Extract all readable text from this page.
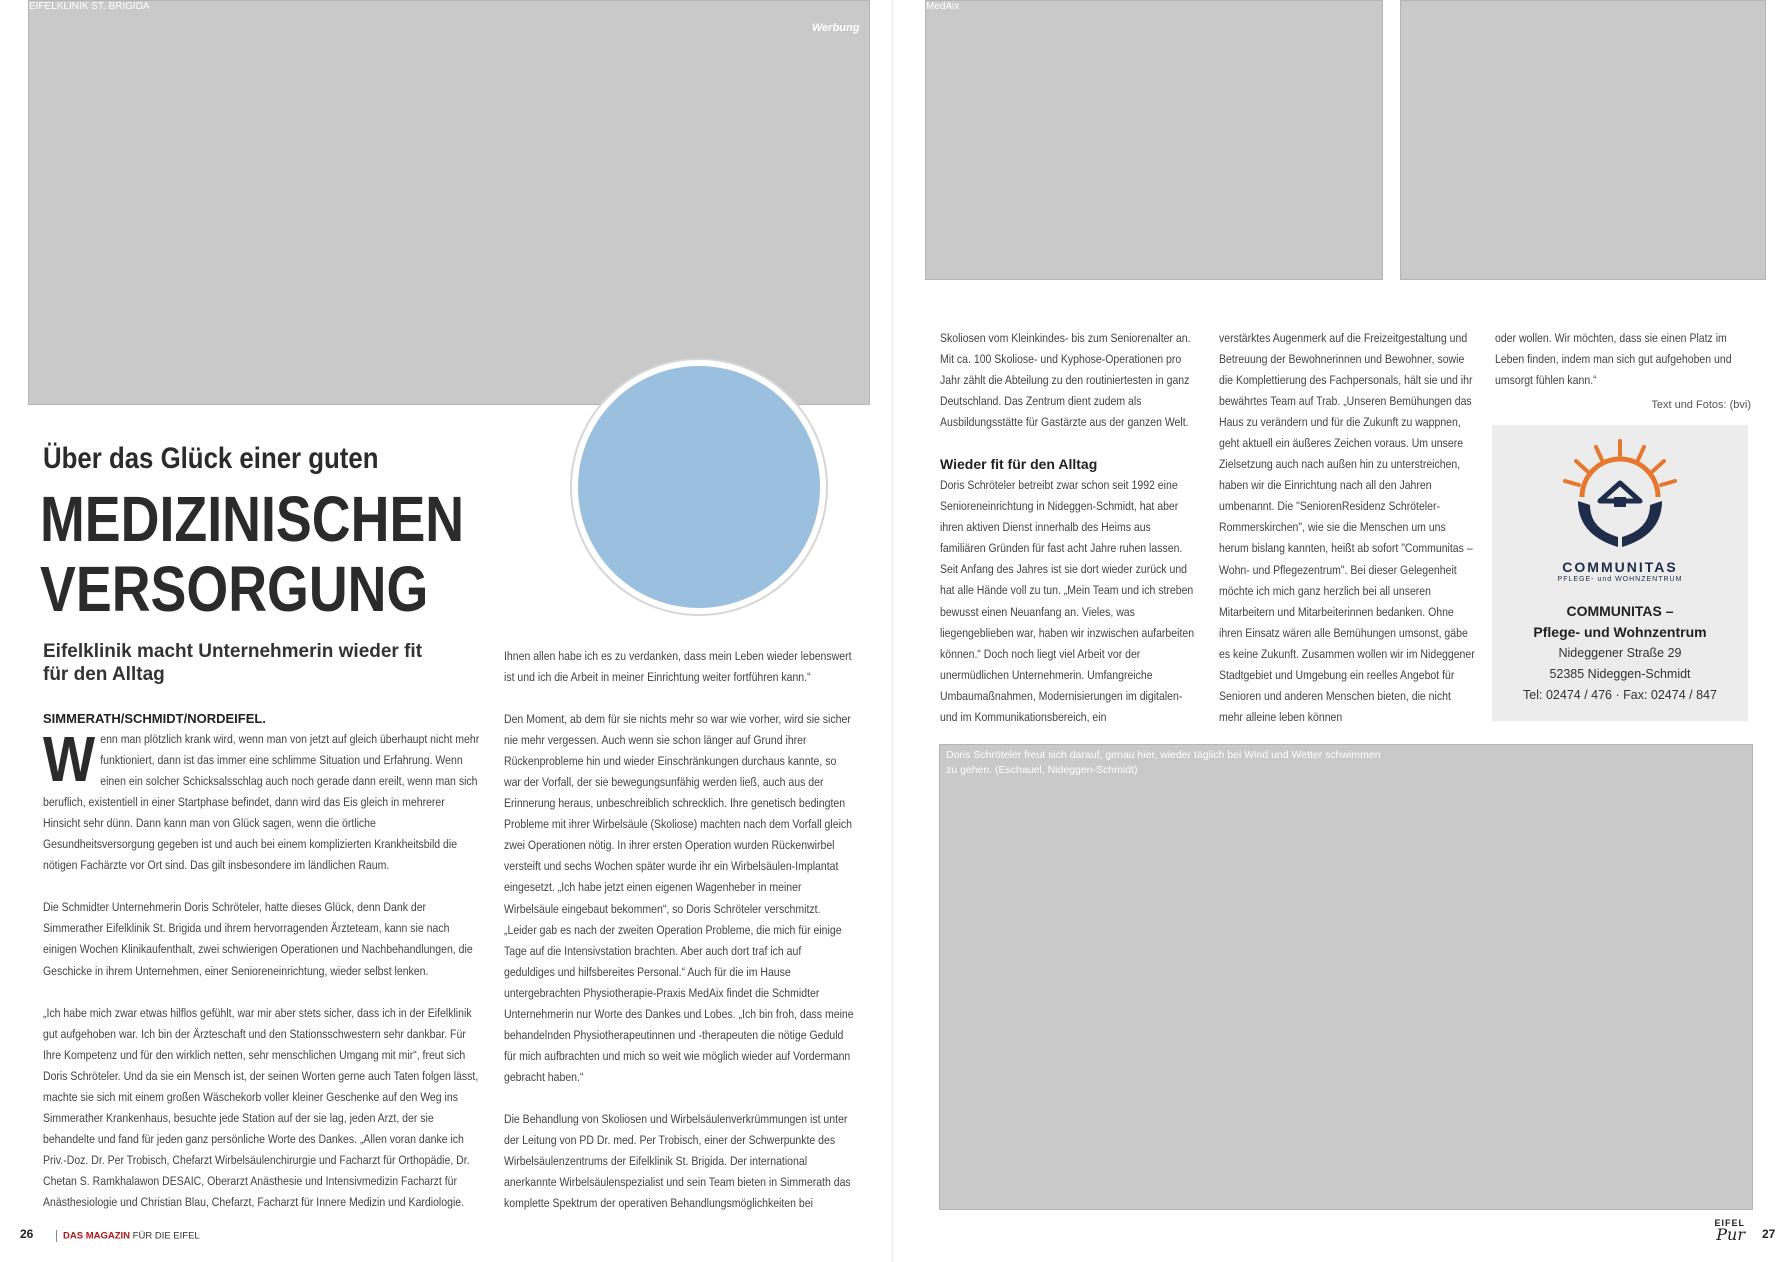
EIFELKLINIK ST. BRIGIDA
Werbung
Über das Glück einer guten
MEDIZINISCHEN
VERSORGUNG
Eifelklinik macht Unternehmerin wieder fit für den Alltag
SIMMERATH/SCHMIDT/NORDEIFEL.

Wenn man plötzlich krank wird, wenn man von jetzt auf gleich überhaupt nicht mehr funktioniert, dann ist das immer eine schlimme Situation und Erfahrung. Wenn einen ein solcher Schicksalsschlag auch noch gerade dann ereilt, wenn man sich beruflich, existentiell in einer Startphase befindet, dann wird das Eis gleich in mehrerer Hinsicht sehr dünn. Dann kann man von Glück sagen, wenn die örtliche Gesundheitsversorgung gegeben ist und auch bei einem komplizierten Krankheitsbild die nötigen Fachärzte vor Ort sind. Das gilt insbesondere im ländlichen Raum.

Die Schmidter Unternehmerin Doris Schröteler, hatte dieses Glück, denn Dank der Simmerather Eifelklinik St. Brigida und ihrem hervorragenden Ärzteteam, kann sie nach einigen Wochen Klinikaufenthalt, zwei schwierigen Operationen und Nachbehandlungen, die Geschicke in ihrem Unternehmen, einer Senioreneinrichtung, wieder selbst lenken.

„Ich habe mich zwar etwas hilflos gefühlt, war mir aber stets sicher, dass ich in der Eifelklinik gut aufgehoben war. Ich bin der Ärzteschaft und den Stationsschwestern sehr dankbar. Für Ihre Kompetenz und für den wirklich netten, sehr menschlichen Umgang mit mir“, freut sich Doris Schröteler. Und da sie ein Mensch ist, der seinen Worten gerne auch Taten folgen lässt, machte sie sich mit einem großen Wäschekorb voller kleiner Geschenke auf den Weg ins Simmerather Krankenhaus, besuchte jede Station auf der sie lag, jeden Arzt, der sie behandelte und fand für jeden ganz persönliche Worte des Dankes. „Allen voran danke ich Priv.-Doz. Dr. Per Trobisch, Chefarzt Wirbelsäulenchirurgie und Facharzt für Orthopädie, Dr. Chetan S. Ramkhalawon DESAIC, Oberarzt Anästhesie und Intensivmedizin Facharzt für Anästhesiologie und Christian Blau, Chefarzt, Facharzt für Innere Medizin und Kardiologie.

Ihnen allen habe ich es zu verdanken, dass mein Leben wieder lebenswert ist und ich die Arbeit in meiner Einrichtung weiter fortführen kann.“

Den Moment, ab dem für sie nichts mehr so war wie vorher, wird sie sicher nie mehr vergessen. Auch wenn sie schon länger auf Grund ihrer Rückenprobleme hin und wieder Einschränkungen durchaus kannte, so war der Vorfall, der sie bewegungsunfähig werden ließ, auch aus der Erinnerung heraus, unbeschreiblich schrecklich. Ihre genetisch bedingten Probleme mit ihrer Wirbelsäule (Skoliose) machten nach dem Vorfall gleich zwei Operationen nötig. In ihrer ersten Operation wurden Rückenwirbel versteift und sechs Wochen später wurde ihr ein Wirbelsäulen-Implantat eingesetzt. „Ich habe jetzt einen eigenen Wagenheber in meiner Wirbelsäule eingebaut bekommen“, so Doris Schröteler verschmitzt. „Leider gab es nach der zweiten Operation Probleme, die mich für einige Tage auf die Intensivstation brachten. Aber auch dort traf ich auf geduldiges und hilfsbereites Personal.“ Auch für die im Hause untergebrachten Physiotherapie-Praxis MedAix findet die Schmidter Unternehmerin nur Worte des Dankes und Lobes. „Ich bin froh, dass meine behandelnden Physiotherapeutinnen und -therapeuten die nötige Geduld für mich aufbrachten und mich so weit wie möglich wieder auf Vordermann gebracht haben.“

Die Behandlung von Skoliosen und Wirbelsäulenverkrümmungen ist unter der Leitung von PD Dr. med. Per Trobisch, einer der Schwerpunkte des Wirbelsäulenzentrums der Eifelklinik St. Brigida. Der international anerkannte Wirbelsäulenspezialist und sein Team bieten in Simmerath das komplette Spektrum der operativen Behandlungsmöglichkeiten bei

26	DAS MAGAZIN FÜR DIE EIFEL
MedAix

Skoliosen vom Kleinkindes- bis zum Seniorenalter an. Mit ca. 100 Skoliose- und Kyphose-Operationen pro Jahr zählt die Abteilung zu den routiniertesten in ganz Deutschland. Das Zentrum dient zudem als Ausbildungsstätte für Gastärzte aus der ganzen Welt.

Wieder fit für den Alltag

Doris Schröteler betreibt zwar schon seit 1992 eine Senioreneinrichtung in Nideggen-Schmidt, hat aber ihren aktiven Dienst innerhalb des Heims aus familiären Gründen für fast acht Jahre ruhen lassen. Seit Anfang des Jahres ist sie dort wieder zurück und hat alle Hände voll zu tun. „Mein Team und ich streben bewusst einen Neuanfang an. Vieles, was liegengeblieben war, haben wir inzwischen aufarbeiten können.“ Doch noch liegt viel Arbeit vor der unermüdlichen Unternehmerin. Umfangreiche Umbaumaßnahmen, Modernisierungen im digitalen- und im Kommunikationsbereich, ein

verstärktes Augenmerk auf die Freizeitgestaltung und Betreuung der Bewohnerinnen und Bewohner, sowie die Komplettierung des Fachpersonals, hält sie und ihr bewährtes Team auf Trab. „Unseren Bemühungen das Haus zu verändern und für die Zukunft zu wappnen, geht aktuell ein äußeres Zeichen voraus. Um unsere Zielsetzung auch nach außen hin zu unterstreichen, haben wir die Einrichtung nach all den Jahren umbenannt. Die "SeniorenResidenz Schröteler-Rommerskirchen", wie sie die Menschen um uns herum bislang kannten, heißt ab sofort "Communitas – Wohn- und Pflegezentrum". Bei dieser Gelegenheit möchte ich mich ganz herzlich bei all unseren Mitarbeitern und Mitarbeiterinnen bedanken. Ohne ihren Einsatz wären alle Bemühungen umsonst, gäbe es keine Zukunft. Zusammen wollen wir im Nideggener Stadtgebiet und Umgebung ein reelles Angebot für Senioren und anderen Menschen bieten, die nicht mehr alleine leben können

oder wollen. Wir möchten, dass sie einen Platz im Leben finden, indem man sich gut aufgehoben und umsorgt fühlen kann.“

Text und Fotos: (bvi)
Doris Schröteler freut sich darauf, genau hier, wieder täglich bei Wind und Wetter schwimmen zu gehen. (Eschauel, Nideggen-Schmidt)
27
COMMUNITAS
PFLEGE- und WOHNZENTRUM
COMMUNITAS –
Pflege- und Wohnzentrum
Nideggener Straße 29
52385 Nideggen-Schmidt
Tel: 02474 / 476 · Fax: 02474 / 847
EIFEL
Pur
